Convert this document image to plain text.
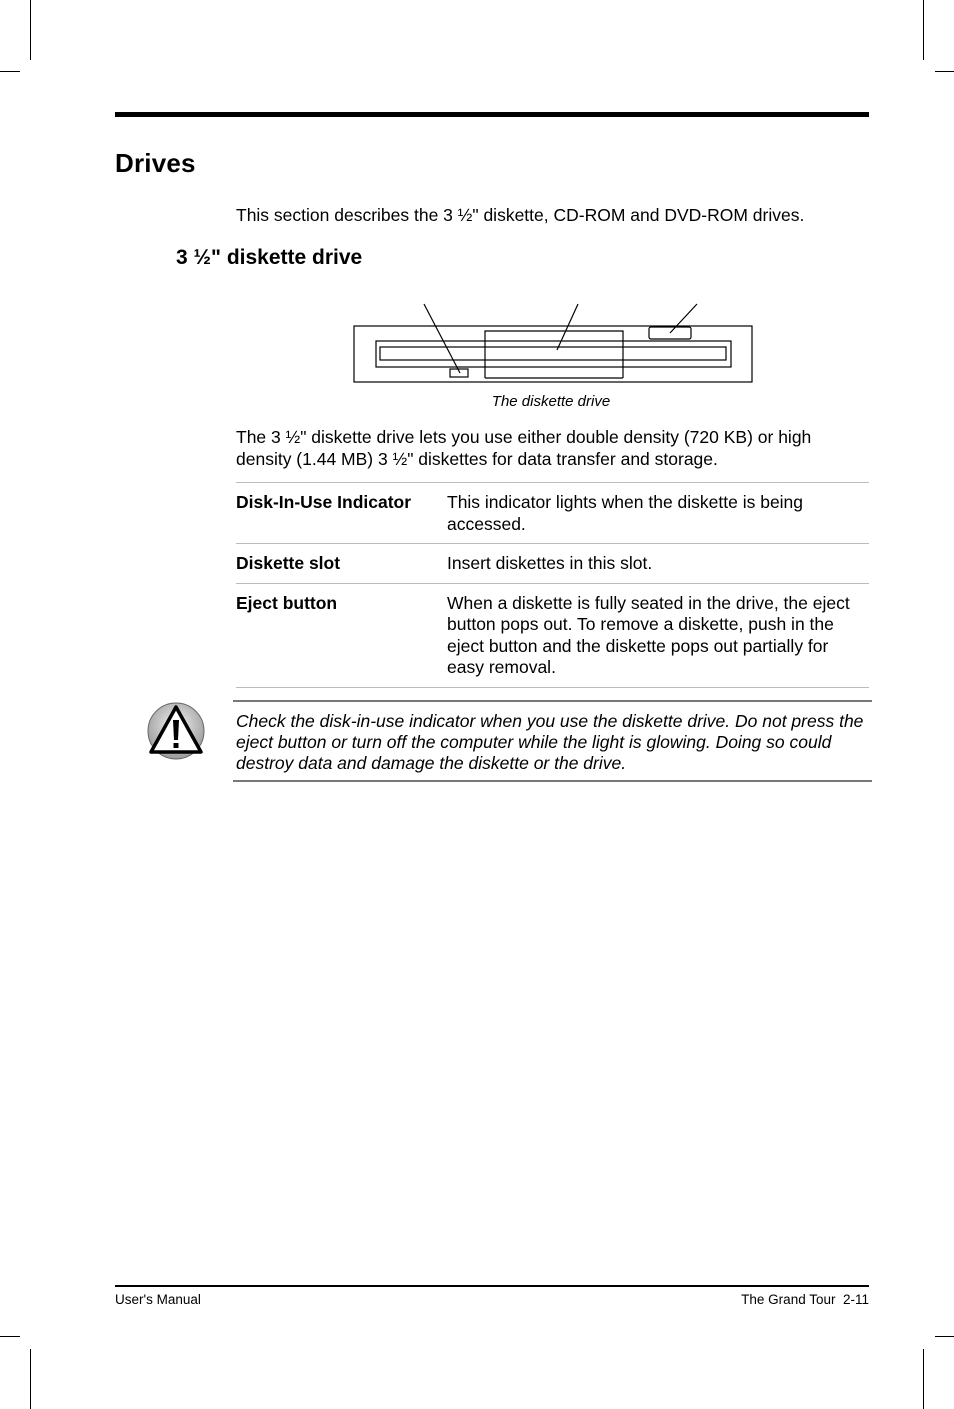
Drives

This section describes the 3 ½" diskette, CD-ROM and DVD-ROM drives.

3 ½" diskette drive
The diskette drive

The 3 ½" diskette drive lets you use either double density (720 KB) or high density (1.44 MB) 3 ½" diskettes for data transfer and storage.

Disk-In-Use Indicator	This indicator lights when the diskette is being accessed.
Diskette slot	Insert diskettes in this slot.
Eject button	When a diskette is fully seated in the drive, the eject button pops out. To remove a diskette, push in the eject button and the diskette pops out partially for easy removal.
Check the disk-in-use indicator when you use the diskette drive. Do not press the eject button or turn off the computer while the light is glowing. Doing so could destroy data and damage the diskette or the drive.
User's Manual	The Grand Tour  2-11
